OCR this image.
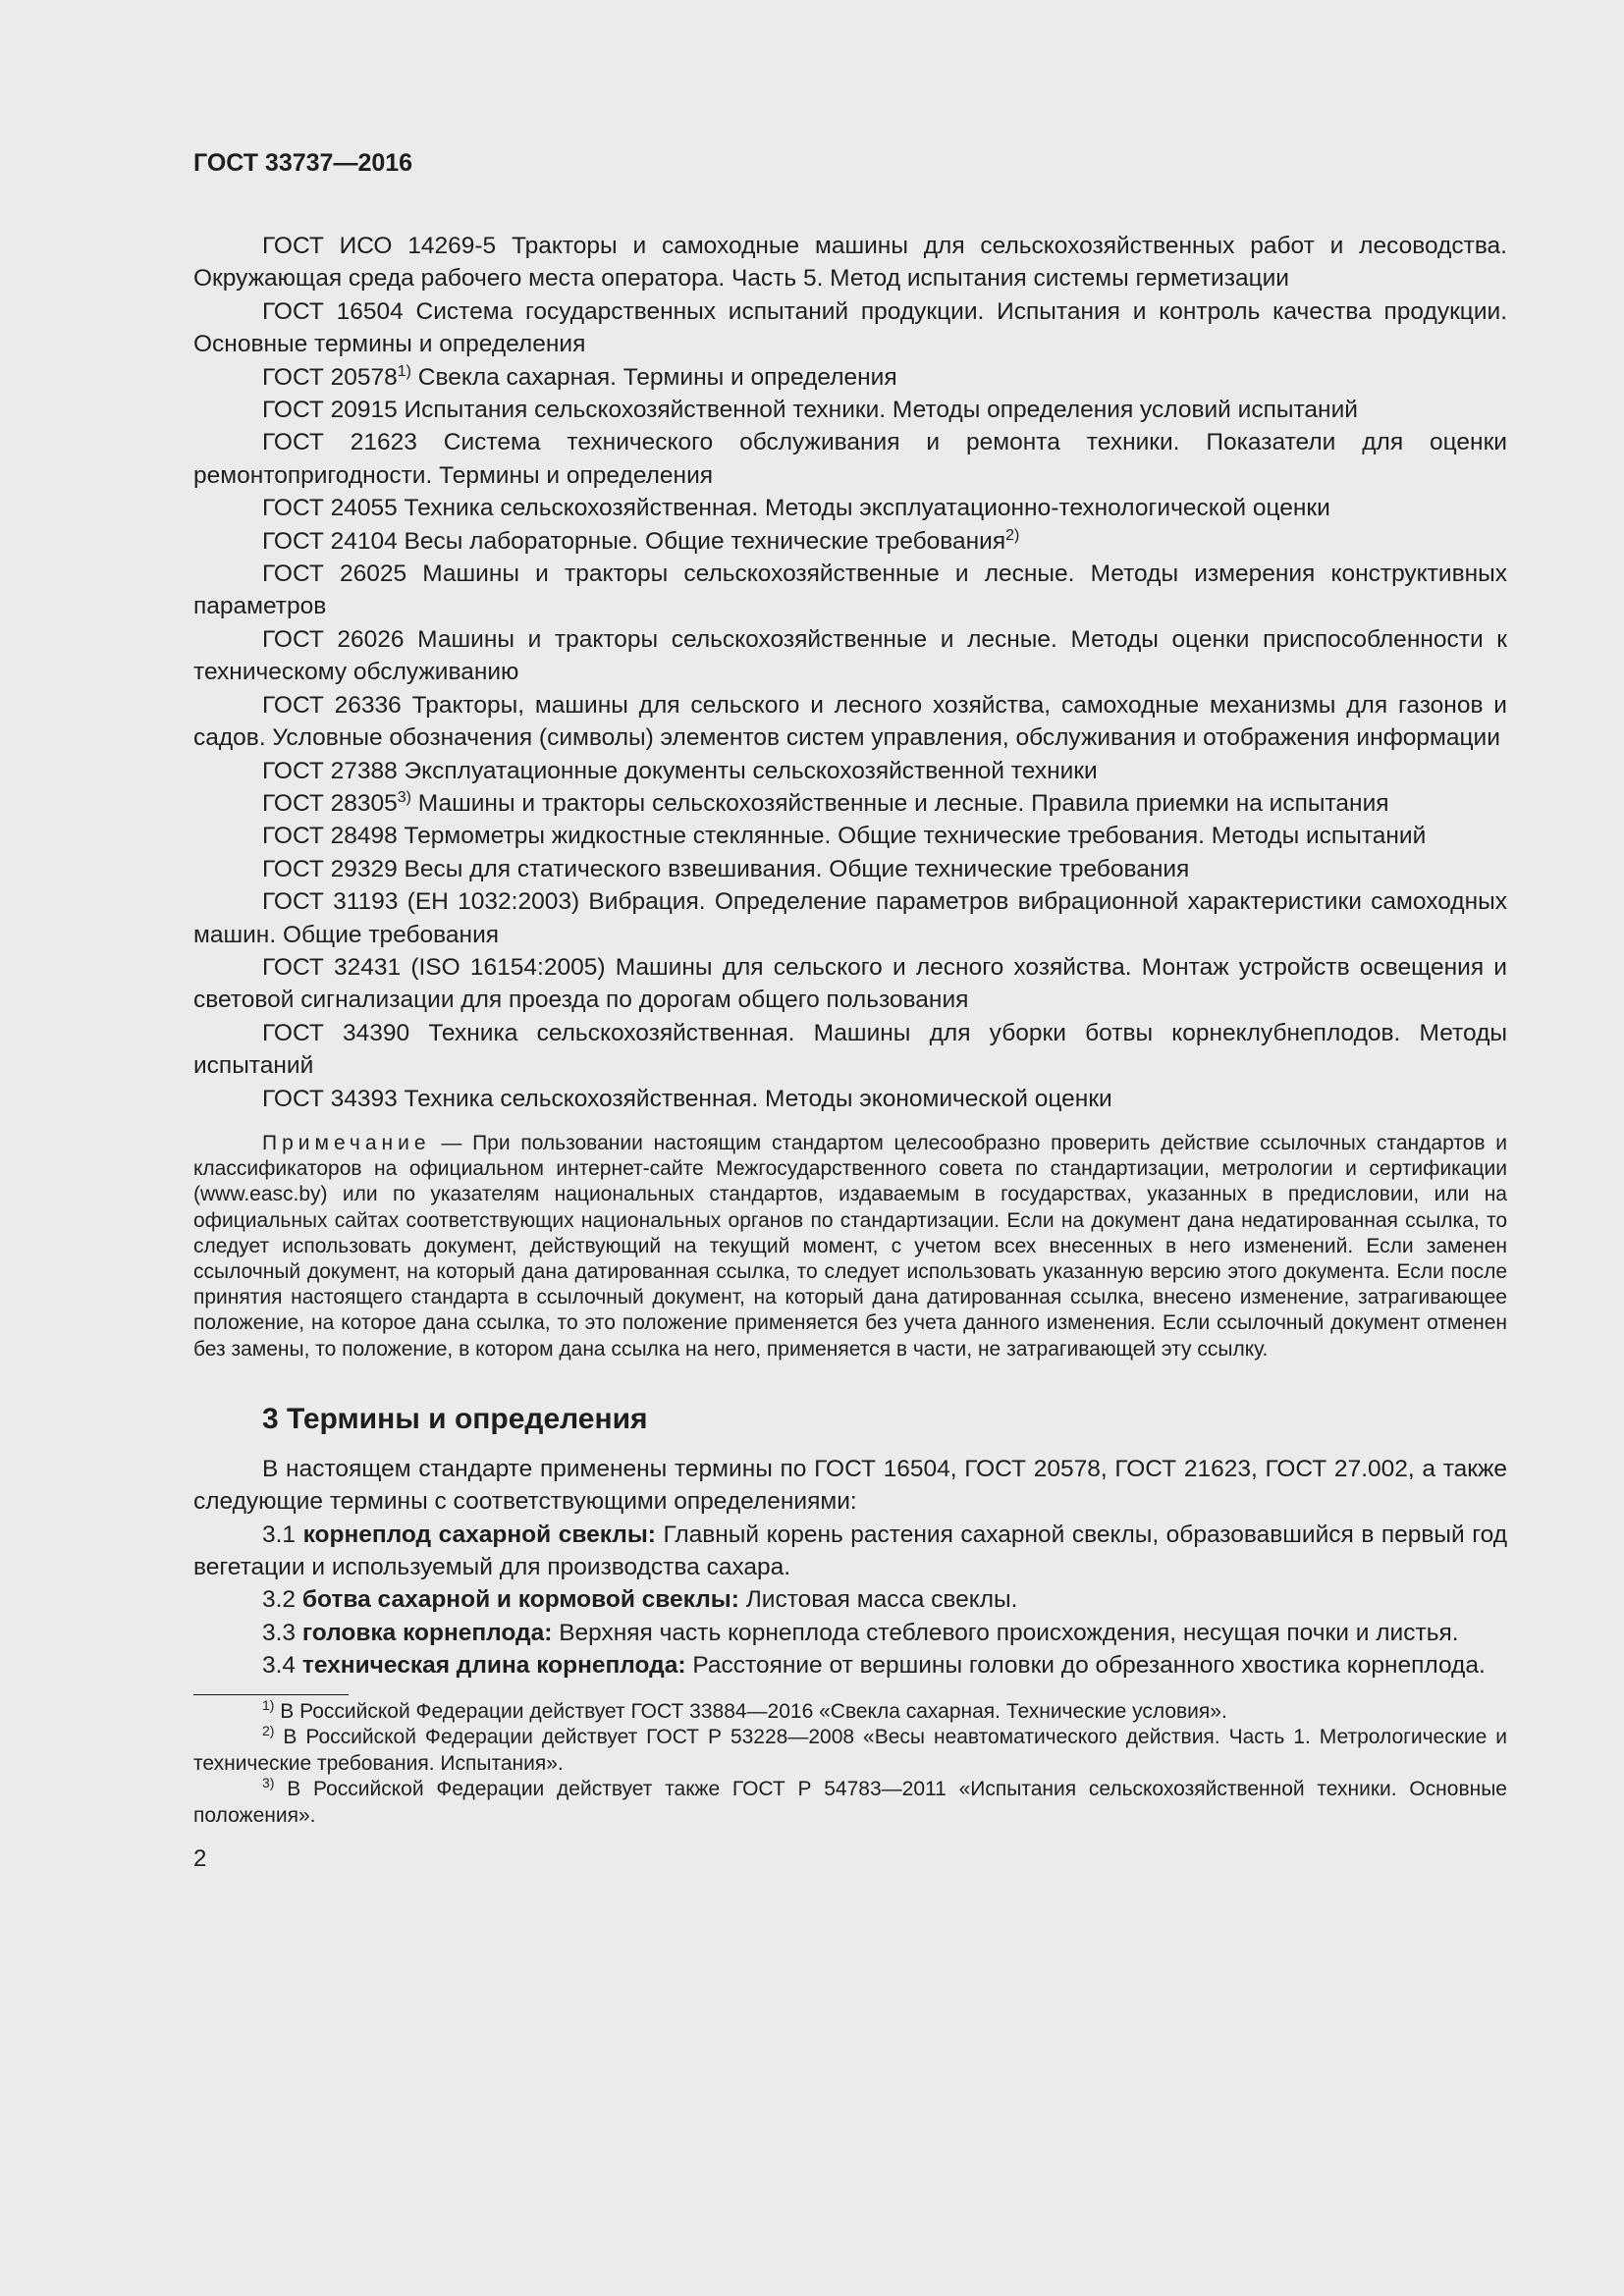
ГОСТ 33737—2016

ГОСТ ИСО 14269-5 Тракторы и самоходные машины для сельскохозяйственных работ и лесоводства. Окружающая среда рабочего места оператора. Часть 5. Метод испытания системы герметизации

ГОСТ 16504 Система государственных испытаний продукции. Испытания и контроль качества продукции. Основные термины и определения

ГОСТ 20578$^{1)}$ Свекла сахарная. Термины и определения

ГОСТ 20915 Испытания сельскохозяйственной техники. Методы определения условий испытаний

ГОСТ 21623 Система технического обслуживания и ремонта техники. Показатели для оценки ремонтопригодности. Термины и определения

ГОСТ 24055 Техника сельскохозяйственная. Методы эксплуатационно-технологической оценки

ГОСТ 24104 Весы лабораторные. Общие технические требования$^{2)}$

ГОСТ 26025 Машины и тракторы сельскохозяйственные и лесные. Методы измерения конструктивных параметров

ГОСТ 26026 Машины и тракторы сельскохозяйственные и лесные. Методы оценки приспособленности к техническому обслуживанию

ГОСТ 26336 Тракторы, машины для сельского и лесного хозяйства, самоходные механизмы для газонов и садов. Условные обозначения (символы) элементов систем управления, обслуживания и отображения информации

ГОСТ 27388 Эксплуатационные документы сельскохозяйственной техники

ГОСТ 28305$^{3)}$ Машины и тракторы сельскохозяйственные и лесные. Правила приемки на испытания

ГОСТ 28498 Термометры жидкостные стеклянные. Общие технические требования. Методы испытаний

ГОСТ 29329 Весы для статического взвешивания. Общие технические требования

ГОСТ 31193 (ЕН 1032:2003) Вибрация. Определение параметров вибрационной характеристики самоходных машин. Общие требования

ГОСТ 32431 (ISO 16154:2005) Машины для сельского и лесного хозяйства. Монтаж устройств освещения и световой сигнализации для проезда по дорогам общего пользования

ГОСТ 34390 Техника сельскохозяйственная. Машины для уборки ботвы корнеклубнеплодов. Методы испытаний

ГОСТ 34393 Техника сельскохозяйственная. Методы экономической оценки

Примечание — При пользовании настоящим стандартом целесообразно проверить действие ссылочных стандартов и классификаторов на официальном интернет-сайте Межгосударственного совета по стандартизации, метрологии и сертификации (www.easc.by) или по указателям национальных стандартов, издаваемым в государствах, указанных в предисловии, или на официальных сайтах соответствующих национальных органов по стандартизации. Если на документ дана недатированная ссылка, то следует использовать документ, действующий на текущий момент, с учетом всех внесенных в него изменений. Если заменен ссылочный документ, на который дана датированная ссылка, то следует использовать указанную версию этого документа. Если после принятия настоящего стандарта в ссылочный документ, на который дана датированная ссылка, внесено изменение, затрагивающее положение, на которое дана ссылка, то это положение применяется без учета данного изменения. Если ссылочный документ отменен без замены, то положение, в котором дана ссылка на него, применяется в части, не затрагивающей эту ссылку.

3 Термины и определения

В настоящем стандарте применены термины по ГОСТ 16504, ГОСТ 20578, ГОСТ 21623, ГОСТ 27.002, а также следующие термины с соответствующими определениями:

3.1 корнеплод сахарной свеклы: Главный корень растения сахарной свеклы, образовавшийся в первый год вегетации и используемый для производства сахара.

3.2 ботва сахарной и кормовой свеклы: Листовая масса свеклы.

3.3 головка корнеплода: Верхняя часть корнеплода стеблевого происхождения, несущая почки и листья.

3.4 техническая длина корнеплода: Расстояние от вершины головки до обрезанного хвостика корнеплода.

$^{1)}$ В Российской Федерации действует ГОСТ 33884—2016 «Свекла сахарная. Технические условия».

$^{2)}$ В Российской Федерации действует ГОСТ Р 53228—2008 «Весы неавтоматического действия. Часть 1. Метрологические и технические требования. Испытания».

$^{3)}$ В Российской Федерации действует также ГОСТ Р 54783—2011 «Испытания сельскохозяйственной техники. Основные положения».

2
